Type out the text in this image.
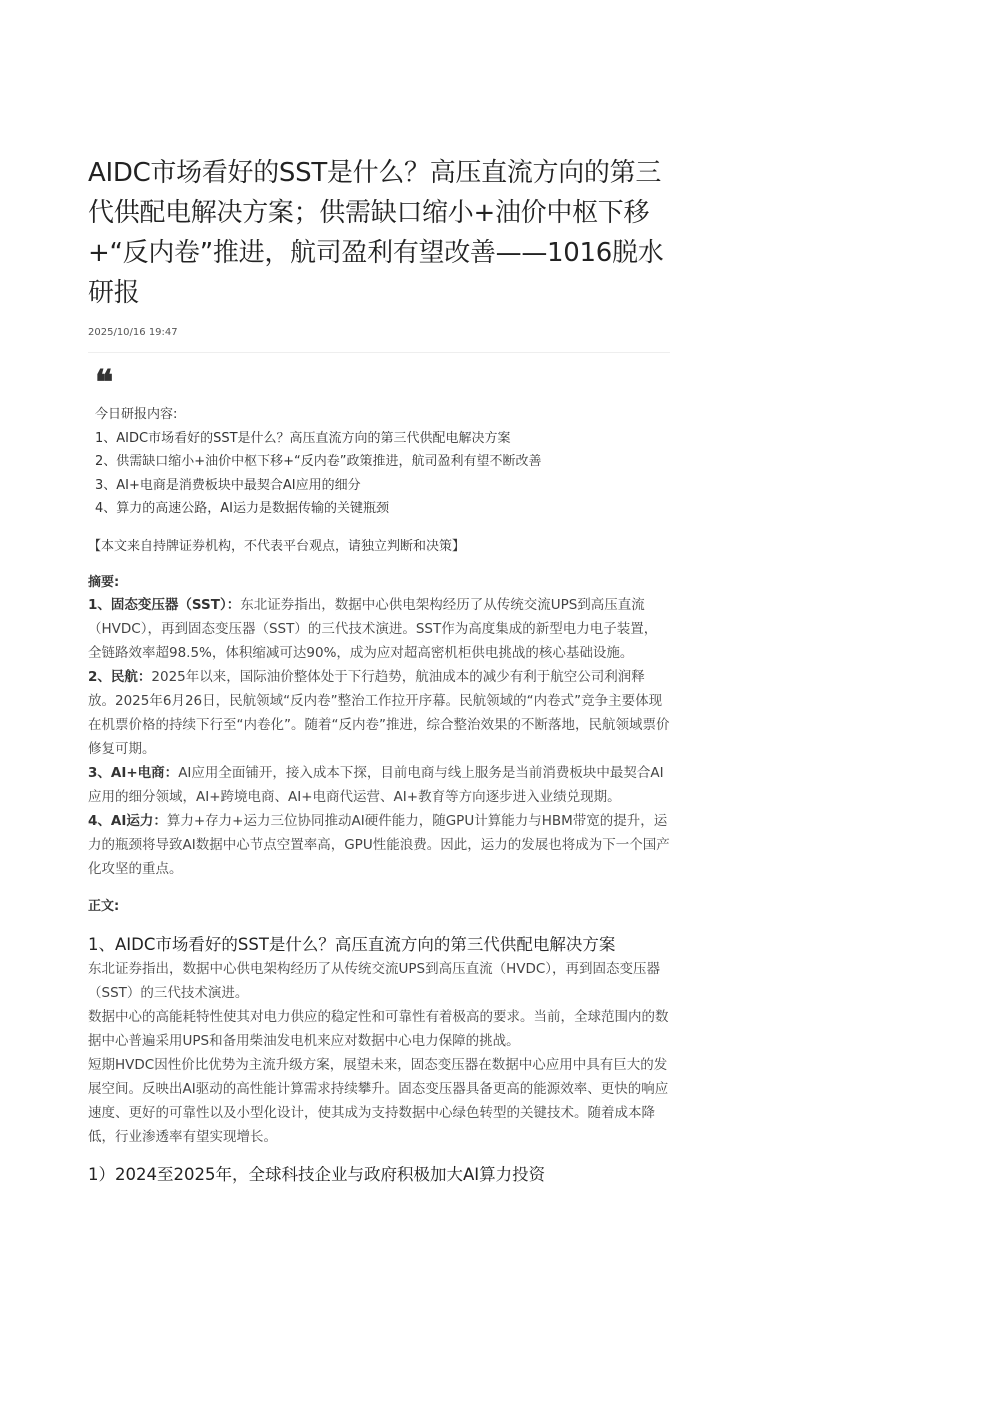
AIDC市场看好的SST是什么？高压直流方向的第三代供配电解决方案；供需缺口缩小+油价中枢下移+“反内卷”推进，航司盈利有望改善——1016脱水研报
2025/10/16 19:47
❝
今日研报内容:
1、AIDC市场看好的SST是什么？高压直流方向的第三代供配电解决方案
2、供需缺口缩小+油价中枢下移+“反内卷”政策推进，航司盈利有望不断改善
3、AI+电商是消费板块中最契合AI应用的细分
4、算力的高速公路，AI运力是数据传输的关键瓶颈
【本文来自持牌证券机构，不代表平台观点，请独立判断和决策】
摘要:

1、固态变压器（SST）：东北证券指出，数据中心供电架构经历了从传统交流UPS到高压直流（HVDC），再到固态变压器（SST）的三代技术演进。SST作为高度集成的新型电力电子装置，全链路效率超98.5%，体积缩减可达90%，成为应对超高密机柜供电挑战的核心基础设施。

2、民航：2025年以来，国际油价整体处于下行趋势，航油成本的减少有利于航空公司利润释放。2025年6月26日，民航领域“反内卷”整治工作拉开序幕。民航领域的“内卷式”竞争主要体现在机票价格的持续下行至“内卷化”。随着“反内卷”推进，综合整治效果的不断落地，民航领域票价修复可期。

3、AI+电商：AI应用全面铺开，接入成本下探，目前电商与线上服务是当前消费板块中最契合AI应用的细分领域，AI+跨境电商、AI+电商代运营、AI+教育等方向逐步进入业绩兑现期。

4、AI运力：算力+存力+运力三位协同推动AI硬件能力，随GPU计算能力与HBM带宽的提升，运力的瓶颈将导致AI数据中心节点空置率高，GPU性能浪费。因此，运力的发展也将成为下一个国产化攻坚的重点。

正文:
1、AIDC市场看好的SST是什么？高压直流方向的第三代供配电解决方案

东北证券指出，数据中心供电架构经历了从传统交流UPS到高压直流（HVDC），再到固态变压器（SST）的三代技术演进。

数据中心的高能耗特性使其对电力供应的稳定性和可靠性有着极高的要求。当前，全球范围内的数据中心普遍采用UPS和备用柴油发电机来应对数据中心电力保障的挑战。

短期HVDC因性价比优势为主流升级方案，展望未来，固态变压器在数据中心应用中具有巨大的发展空间。反映出AI驱动的高性能计算需求持续攀升。固态变压器具备更高的能源效率、更快的响应速度、更好的可靠性以及小型化设计，使其成为支持数据中心绿色转型的关键技术。随着成本降低，行业渗透率有望实现增长。

1）2024至2025年，全球科技企业与政府积极加大AI算力投资
